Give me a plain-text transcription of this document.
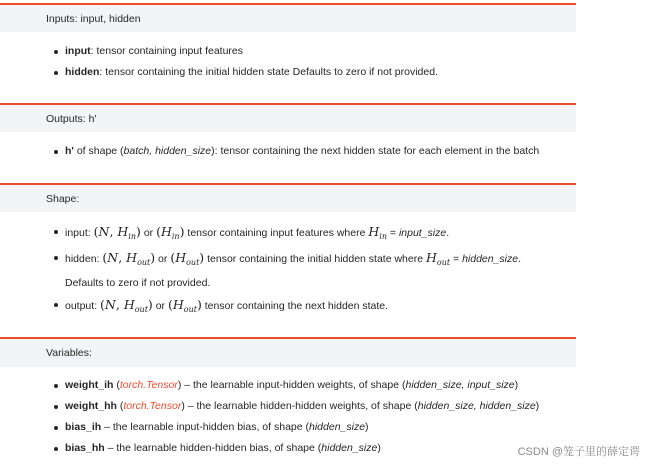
Inputs: input, hidden
input: tensor containing input features
hidden: tensor containing the initial hidden state Defaults to zero if not provided.
Outputs: h'
h' of shape (batch, hidden_size): tensor containing the next hidden state for each element in the batch
Shape:
input: (N, $H_{in}$) or $(H_{in})$ tensor containing input features where $H_{in}$ = input_size.
hidden: (N, $H_{out}$) or $(H_{out})$ tensor containing the initial hidden state where $H_{out}$ = hidden_size.
Defaults to zero if not provided.
output: (N, $H_{out}$) or $(H_{out})$ tensor containing the next hidden state.
Variables:
weight_ih (torch.Tensor) – the learnable input-hidden weights, of shape (hidden_size, input_size)
weight_hh (torch.Tensor) – the learnable hidden-hidden weights, of shape (hidden_size, hidden_size)
bias_ih – the learnable input-hidden bias, of shape (hidden_size)
bias_hh – the learnable hidden-hidden bias, of shape (hidden_size)	CSDN @笼子里的薛定谔
